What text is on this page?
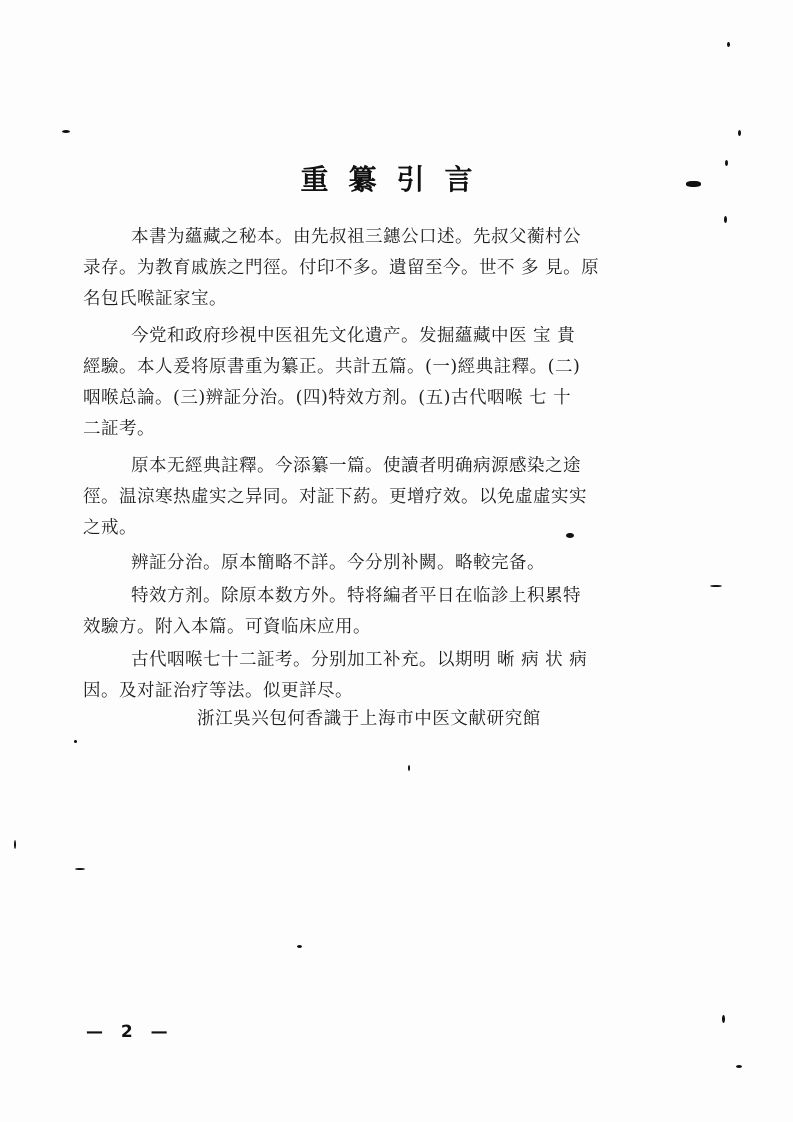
重纂引言
本書为蘊藏之秘本。由先叔祖三鏸公口述。先叔父蘅村公
录存。为教育戚族之門徑。付印不多。遺留至今。世不 多 見。原
名包氏喉証家宝。
今党和政府珍視中医祖先文化遺产。发掘蘊藏中医 宝 貴
經驗。本人爰将原書重为纂正。共計五篇。(一)經典註釋。(二)
咽喉总論。(三)辨証分治。(四)特效方剂。(五)古代咽喉 七 十
二証考。
原本无經典註釋。今添纂一篇。使讀者明确病源感染之途
徑。温涼寒热虛实之异同。对証下葯。更增疗效。以免虛虛实实
之戒。
辨証分治。原本簡略不詳。今分別补闕。略較完备。
特效方剂。除原本数方外。特将編者平日在临診上积累特
效驗方。附入本篇。可資临床应用。
古代咽喉七十二証考。分别加工补充。以期明 晰 病 状 病
因。及对証治疗等法。似更詳尽。
浙江吳兴包何香識于上海市中医文献研究館
— 2 —
